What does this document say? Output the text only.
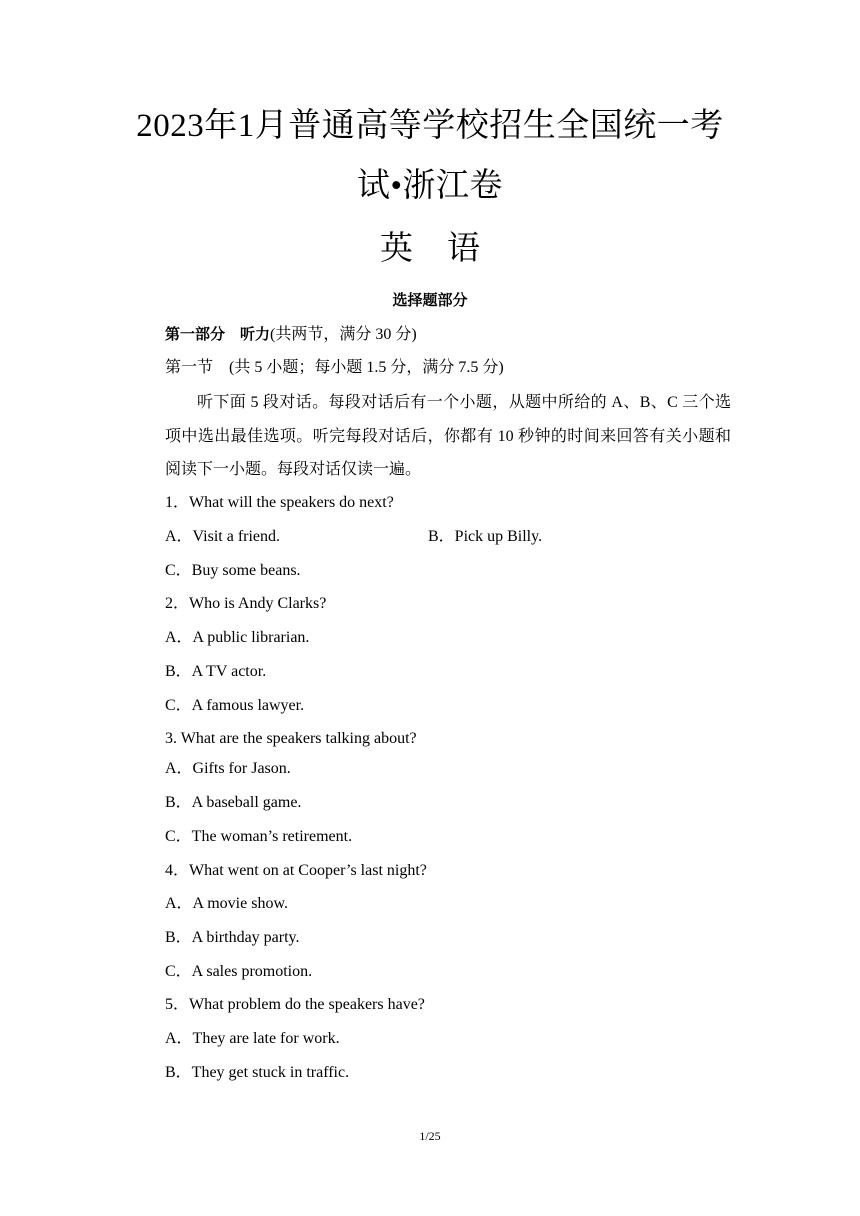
2023年1月普通高等学校招生全国统一考
试•浙江卷
英 语
选择题部分
第一部分　听力(共两节，满分 30 分)
第一节　(共 5 小题；每小题 1.5 分，满分 7.5 分)
听下面 5 段对话。每段对话后有一个小题，从题中所给的 A、B、C 三个选项中选出最佳选项。听完每段对话后，你都有 10 秒钟的时间来回答有关小题和阅读下一小题。每段对话仅读一遍。
1．What will the speakers do next?
A．Visit a friend.	B．Pick up Billy.
C．Buy some beans.
2．Who is Andy Clarks?
A．A public librarian.
B．A TV actor.
C．A famous lawyer.
3. What are the speakers talking about?
A．Gifts for Jason.
B．A baseball game.
C．The woman’s retirement.
4．What went on at Cooper’s last night?
A．A movie show.
B．A birthday party.
C．A sales promotion.
5．What problem do the speakers have?
A．They are late for work.
B．They get stuck in traffic.
1/25
